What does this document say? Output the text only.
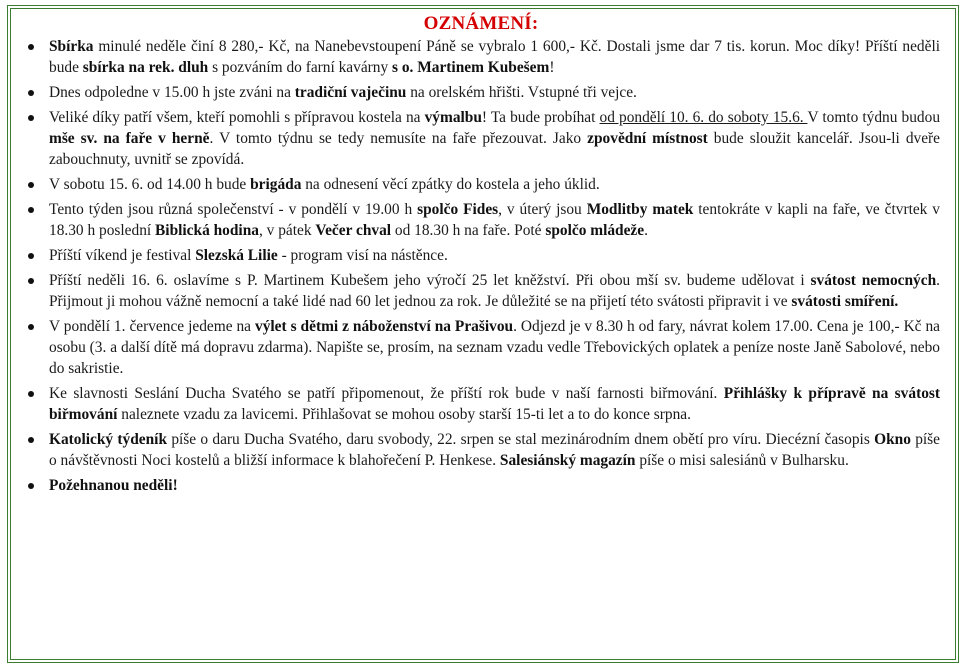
OZNÁMENÍ:
Sbírka minulé neděle činí 8 280,- Kč, na Nanebevstoupení Páně se vybralo 1 600,- Kč. Dostali jsme dar 7 tis. korun. Moc díky! Příští neděli bude sbírka na rek. dluh s pozváním do farní kavárny s o. Martinem Kubešem!
Dnes odpoledne v 15.00 h jste zváni na tradiční vaječinu na orelském hřišti. Vstupné tři vejce.
Veliké díky patří všem, kteří pomohli s přípravou kostela na výmalbu! Ta bude probíhat od pondělí 10. 6. do soboty 15.6. V tomto týdnu budou mše sv. na faře v herně. V tomto týdnu se tedy nemusíte na faře přezouvat. Jako zpovědní místnost bude sloužit kancelář. Jsou-li dveře zabouchnuty, uvnitř se zpovídá.
V sobotu 15. 6. od 14.00 h bude brigáda na odnesení věcí zpátky do kostela a jeho úklid.
Tento týden jsou různá společenství - v pondělí v 19.00 h spolčo Fides, v úterý jsou Modlitby matek tentokráte v kapli na faře, ve čtvrtek v 18.30 h poslední Biblická hodina, v pátek Večer chval od 18.30 h na faře. Poté spolčo mládeže.
Příští víkend je festival Slezská Lilie - program visí na nástěnce.
Příští neděli 16. 6. oslavíme s P. Martinem Kubešem jeho výročí 25 let kněžství. Při obou mší sv. budeme udělovat i svátost nemocných. Přijmout ji mohou vážně nemocní a také lidé nad 60 let jednou za rok. Je důležité se na přijetí této svátosti připravit i ve svátosti smíření.
V pondělí 1. července jedeme na výlet s dětmi z náboženství na Prašivou. Odjezd je v 8.30 h od fary, návrat kolem 17.00. Cena je 100,- Kč na osobu (3. a další dítě má dopravu zdarma). Napište se, prosím, na seznam vzadu vedle Třebovických oplatek a peníze noste Janě Sabolové, nebo do sakristie.
Ke slavnosti Seslání Ducha Svatého se patří připomenout, že příští rok bude v naší farnosti biřmování. Přihlášky k přípravě na svátost biřmování naleznete vzadu za lavicemi. Přihlašovat se mohou osoby starší 15-ti let a to do konce srpna.
Katolický týdeník píše o daru Ducha Svatého, daru svobody, 22. srpen se stal mezinárodním dnem obětí pro víru. Diecézní časopis Okno píše o návštěvnosti Noci kostelů a bližší informace k blahořečení P. Henkese. Salesiánský magazín píše o misi salesiánů v Bulharsku.
Požehnanou neděli!
